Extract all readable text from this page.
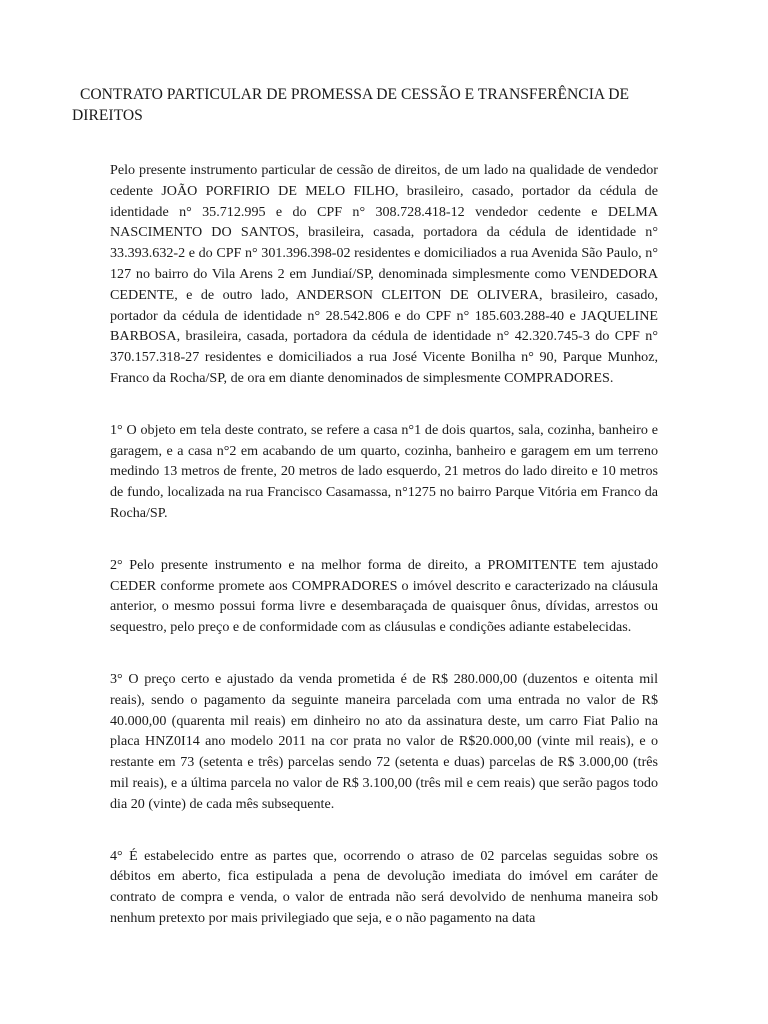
CONTRATO PARTICULAR DE PROMESSA DE CESSÃO E TRANSFERÊNCIA DE DIREITOS

Pelo presente instrumento particular de cessão de direitos, de um lado na qualidade de vendedor cedente JOÃO PORFIRIO DE MELO FILHO, brasileiro, casado, portador da cédula de identidade n° 35.712.995 e do CPF n° 308.728.418-12 vendedor cedente e DELMA NASCIMENTO DO SANTOS, brasileira, casada, portadora da cédula de identidade n° 33.393.632-2 e do CPF n° 301.396.398-02 residentes e domiciliados a rua Avenida São Paulo, n° 127 no bairro do Vila Arens 2 em Jundiaí/SP, denominada simplesmente como VENDEDORA CEDENTE, e de outro lado, ANDERSON CLEITON DE OLIVERA, brasileiro, casado, portador da cédula de identidade n° 28.542.806 e do CPF n° 185.603.288-40 e JAQUELINE BARBOSA, brasileira, casada, portadora da cédula de identidade n° 42.320.745-3 do CPF n° 370.157.318-27 residentes e domiciliados a rua José Vicente Bonilha n° 90, Parque Munhoz, Franco da Rocha/SP, de ora em diante denominados de simplesmente COMPRADORES.

1° O objeto em tela deste contrato, se refere a casa n°1 de dois quartos, sala, cozinha, banheiro e garagem, e a casa n°2 em acabando de um quarto, cozinha, banheiro e garagem em um terreno medindo 13 metros de frente, 20 metros de lado esquerdo, 21 metros do lado direito e 10 metros de fundo, localizada na rua Francisco Casamassa, n°1275 no bairro Parque Vitória em Franco da Rocha/SP.

2° Pelo presente instrumento e na melhor forma de direito, a PROMITENTE tem ajustado CEDER conforme promete aos COMPRADORES o imóvel descrito e caracterizado na cláusula anterior, o mesmo possui forma livre e desembaraçada de quaisquer ônus, dívidas, arrestos ou sequestro, pelo preço e de conformidade com as cláusulas e condições adiante estabelecidas.

3° O preço certo e ajustado da venda prometida é de R$ 280.000,00 (duzentos e oitenta mil reais), sendo o pagamento da seguinte maneira parcelada com uma entrada no valor de R$ 40.000,00 (quarenta mil reais) em dinheiro no ato da assinatura deste, um carro Fiat Palio na placa HNZ0I14 ano modelo 2011 na cor prata no valor de R$20.000,00 (vinte mil reais), e o restante em 73 (setenta e três) parcelas sendo 72 (setenta e duas) parcelas de R$ 3.000,00 (três mil reais), e a última parcela no valor de R$ 3.100,00 (três mil e cem reais) que serão pagos todo dia 20 (vinte) de cada mês subsequente.

4° É estabelecido entre as partes que, ocorrendo o atraso de 02 parcelas seguidas sobre os débitos em aberto, fica estipulada a pena de devolução imediata do imóvel em caráter de contrato de compra e venda, o valor de entrada não será devolvido de nenhuma maneira sob nenhum pretexto por mais privilegiado que seja, e o não pagamento na data
